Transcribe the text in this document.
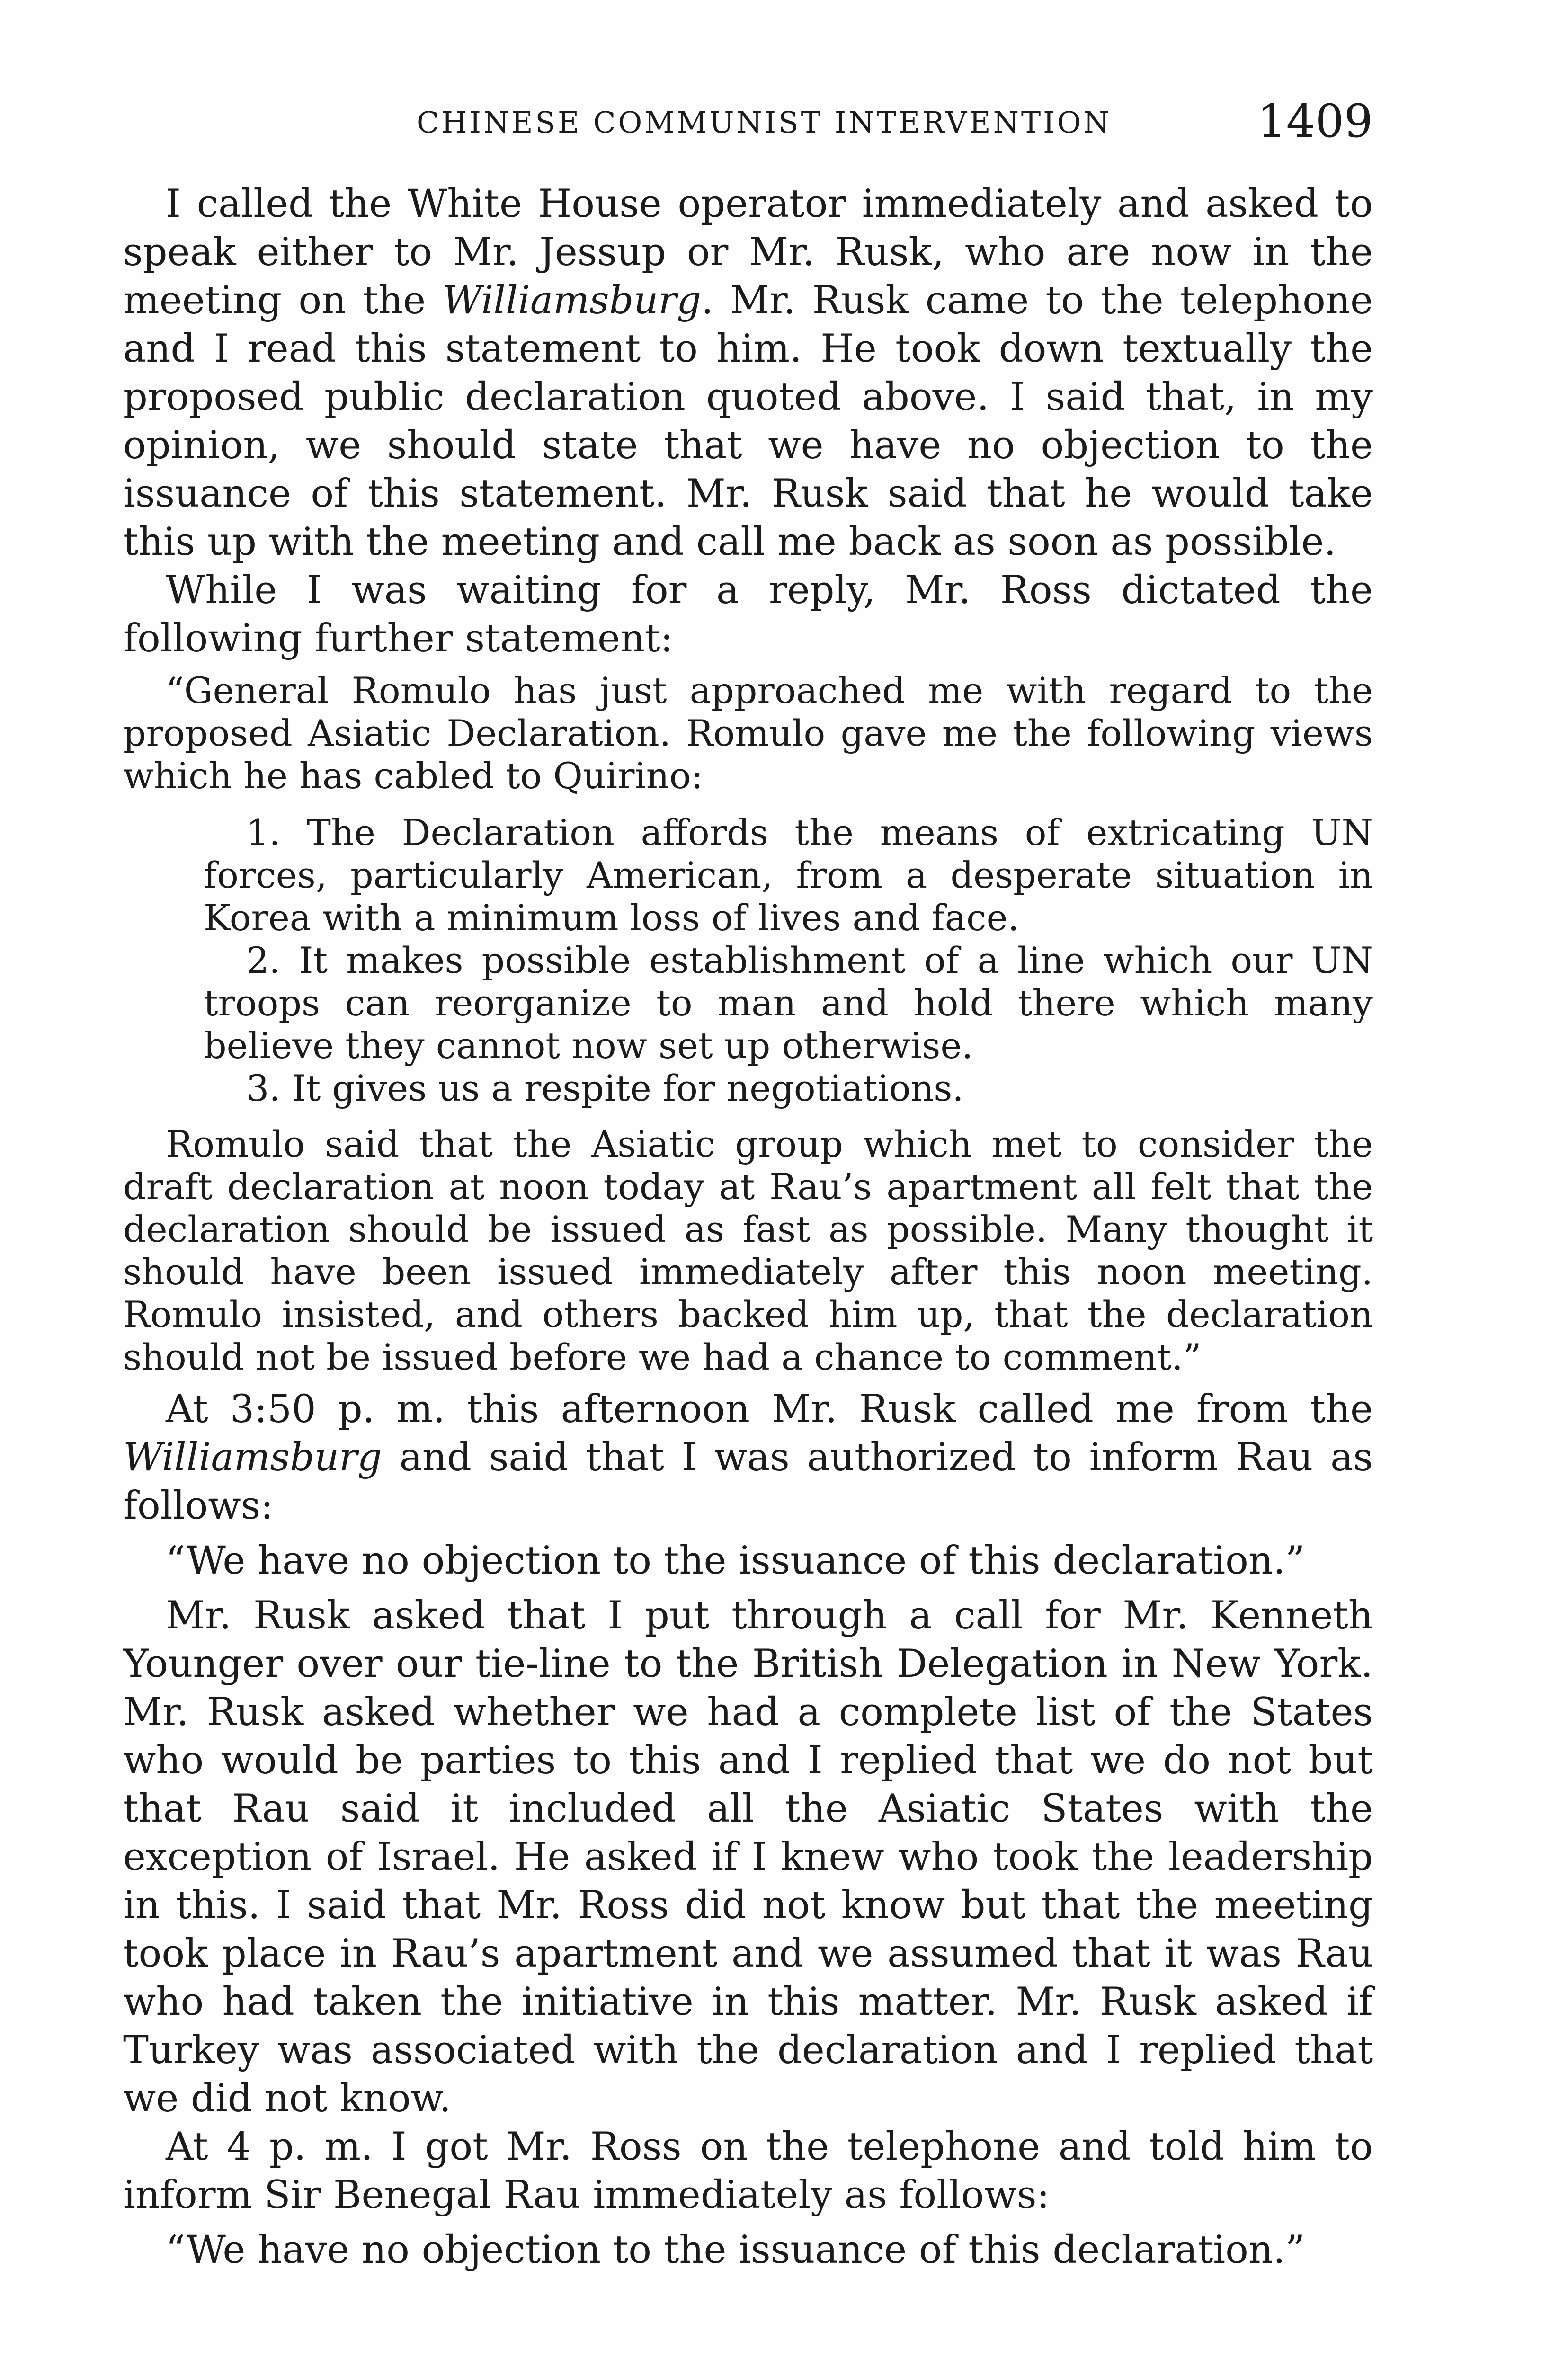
CHINESE COMMUNIST INTERVENTION	1409

I called the White House operator immediately and asked to speak either to Mr. Jessup or Mr. Rusk, who are now in the meeting on the Williamsburg. Mr. Rusk came to the telephone and I read this statement to him. He took down textually the proposed public declaration quoted above. I said that, in my opinion, we should state that we have no objection to the issuance of this statement. Mr. Rusk said that he would take this up with the meeting and call me back as soon as possible.

While I was waiting for a reply, Mr. Ross dictated the following further statement:

“General Romulo has just approached me with regard to the proposed Asiatic Declaration. Romulo gave me the following views which he has cabled to Quirino:

1. The Declaration affords the means of extricating UN forces, particularly American, from a desperate situation in Korea with a minimum loss of lives and face.

2. It makes possible establishment of a line which our UN troops can reorganize to man and hold there which many believe they cannot now set up otherwise.

3. It gives us a respite for negotiations.

Romulo said that the Asiatic group which met to consider the draft declaration at noon today at Rau’s apartment all felt that the declaration should be issued as fast as possible. Many thought it should have been issued immediately after this noon meeting. Romulo insisted, and others backed him up, that the declaration should not be issued before we had a chance to comment.”

At 3:50 p. m. this afternoon Mr. Rusk called me from the Williamsburg and said that I was authorized to inform Rau as follows:

“We have no objection to the issuance of this declaration.”

Mr. Rusk asked that I put through a call for Mr. Kenneth Younger over our tie-line to the British Delegation in New York. Mr. Rusk asked whether we had a complete list of the States who would be parties to this and I replied that we do not but that Rau said it included all the Asiatic States with the exception of Israel. He asked if I knew who took the leadership in this. I said that Mr. Ross did not know but that the meeting took place in Rau’s apartment and we assumed that it was Rau who had taken the initiative in this matter. Mr. Rusk asked if Turkey was associated with the declaration and I replied that we did not know.

At 4 p. m. I got Mr. Ross on the telephone and told him to inform Sir Benegal Rau immediately as follows:

“We have no objection to the issuance of this declaration.”
